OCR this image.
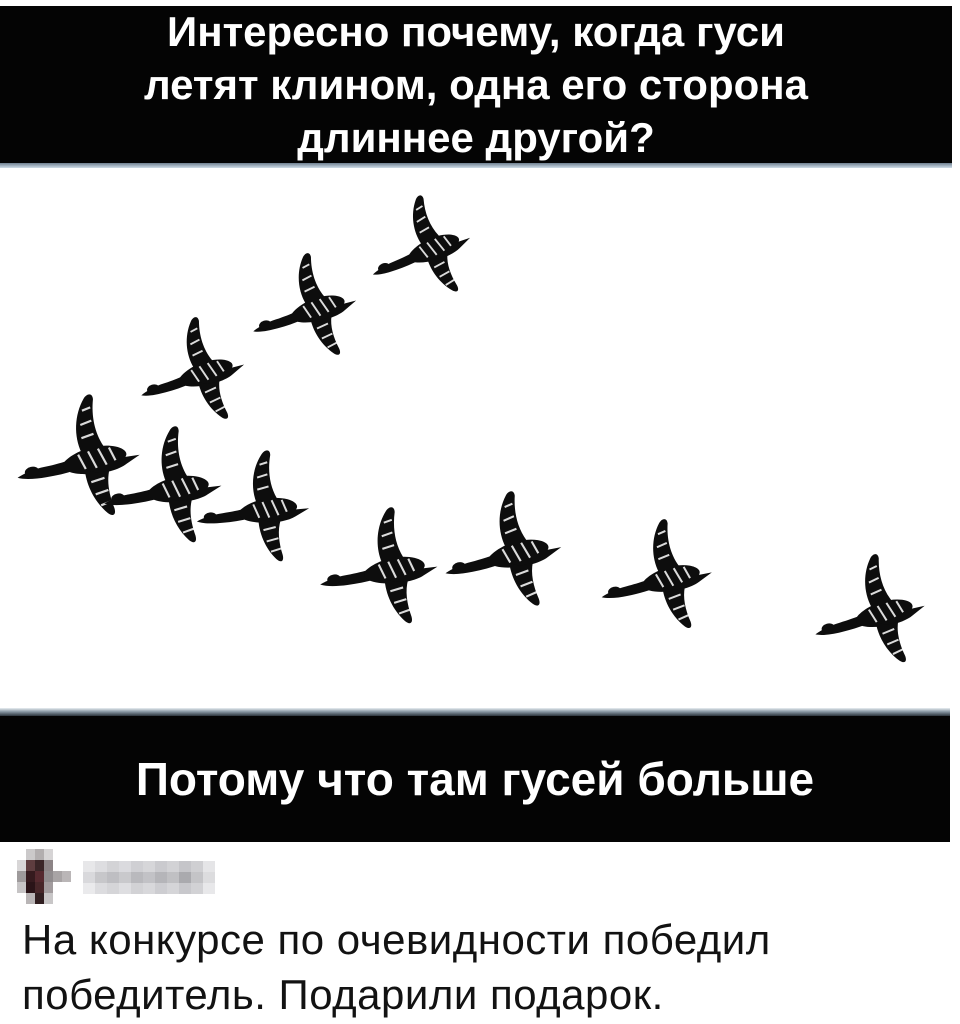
Интересно почему, когда гуси
летят клином, одна его сторона
длиннее другой?
Потому что там гусей больше
На конкурсе по очевидности победил
победитель. Подарили подарок.
